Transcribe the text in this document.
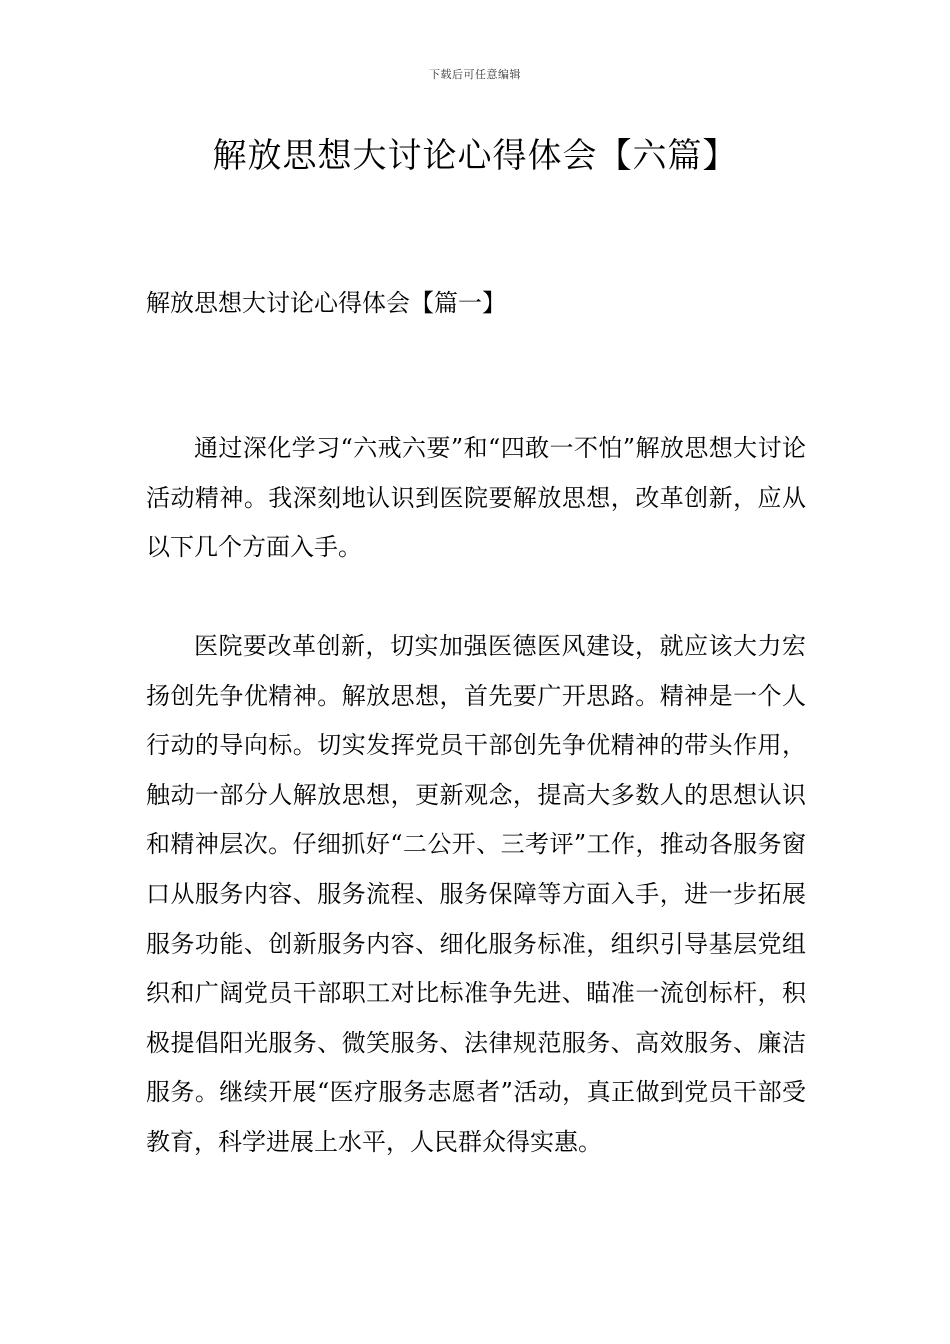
下载后可任意编辑
解放思想大讨论心得体会【六篇】
解放思想大讨论心得体会【篇一】

通过深化学习“六戒六要”和“四敢一不怕”解放思想大讨论活动精神。我深刻地认识到医院要解放思想，改革创新，应从以下几个方面入手。

医院要改革创新，切实加强医德医风建设，就应该大力宏扬创先争优精神。解放思想，首先要广开思路。精神是一个人行动的导向标。切实发挥党员干部创先争优精神的带头作用，触动一部分人解放思想，更新观念，提高大多数人的思想认识和精神层次。仔细抓好“二公开、三考评”工作，推动各服务窗口从服务内容、服务流程、服务保障等方面入手，进一步拓展服务功能、创新服务内容、细化服务标准，组织引导基层党组织和广阔党员干部职工对比标准争先进、瞄准一流创标杆，积极提倡阳光服务、微笑服务、法律规范服务、高效服务、廉洁服务。继续开展“医疗服务志愿者”活动，真正做到党员干部受教育，科学进展上水平，人民群众得实惠。
